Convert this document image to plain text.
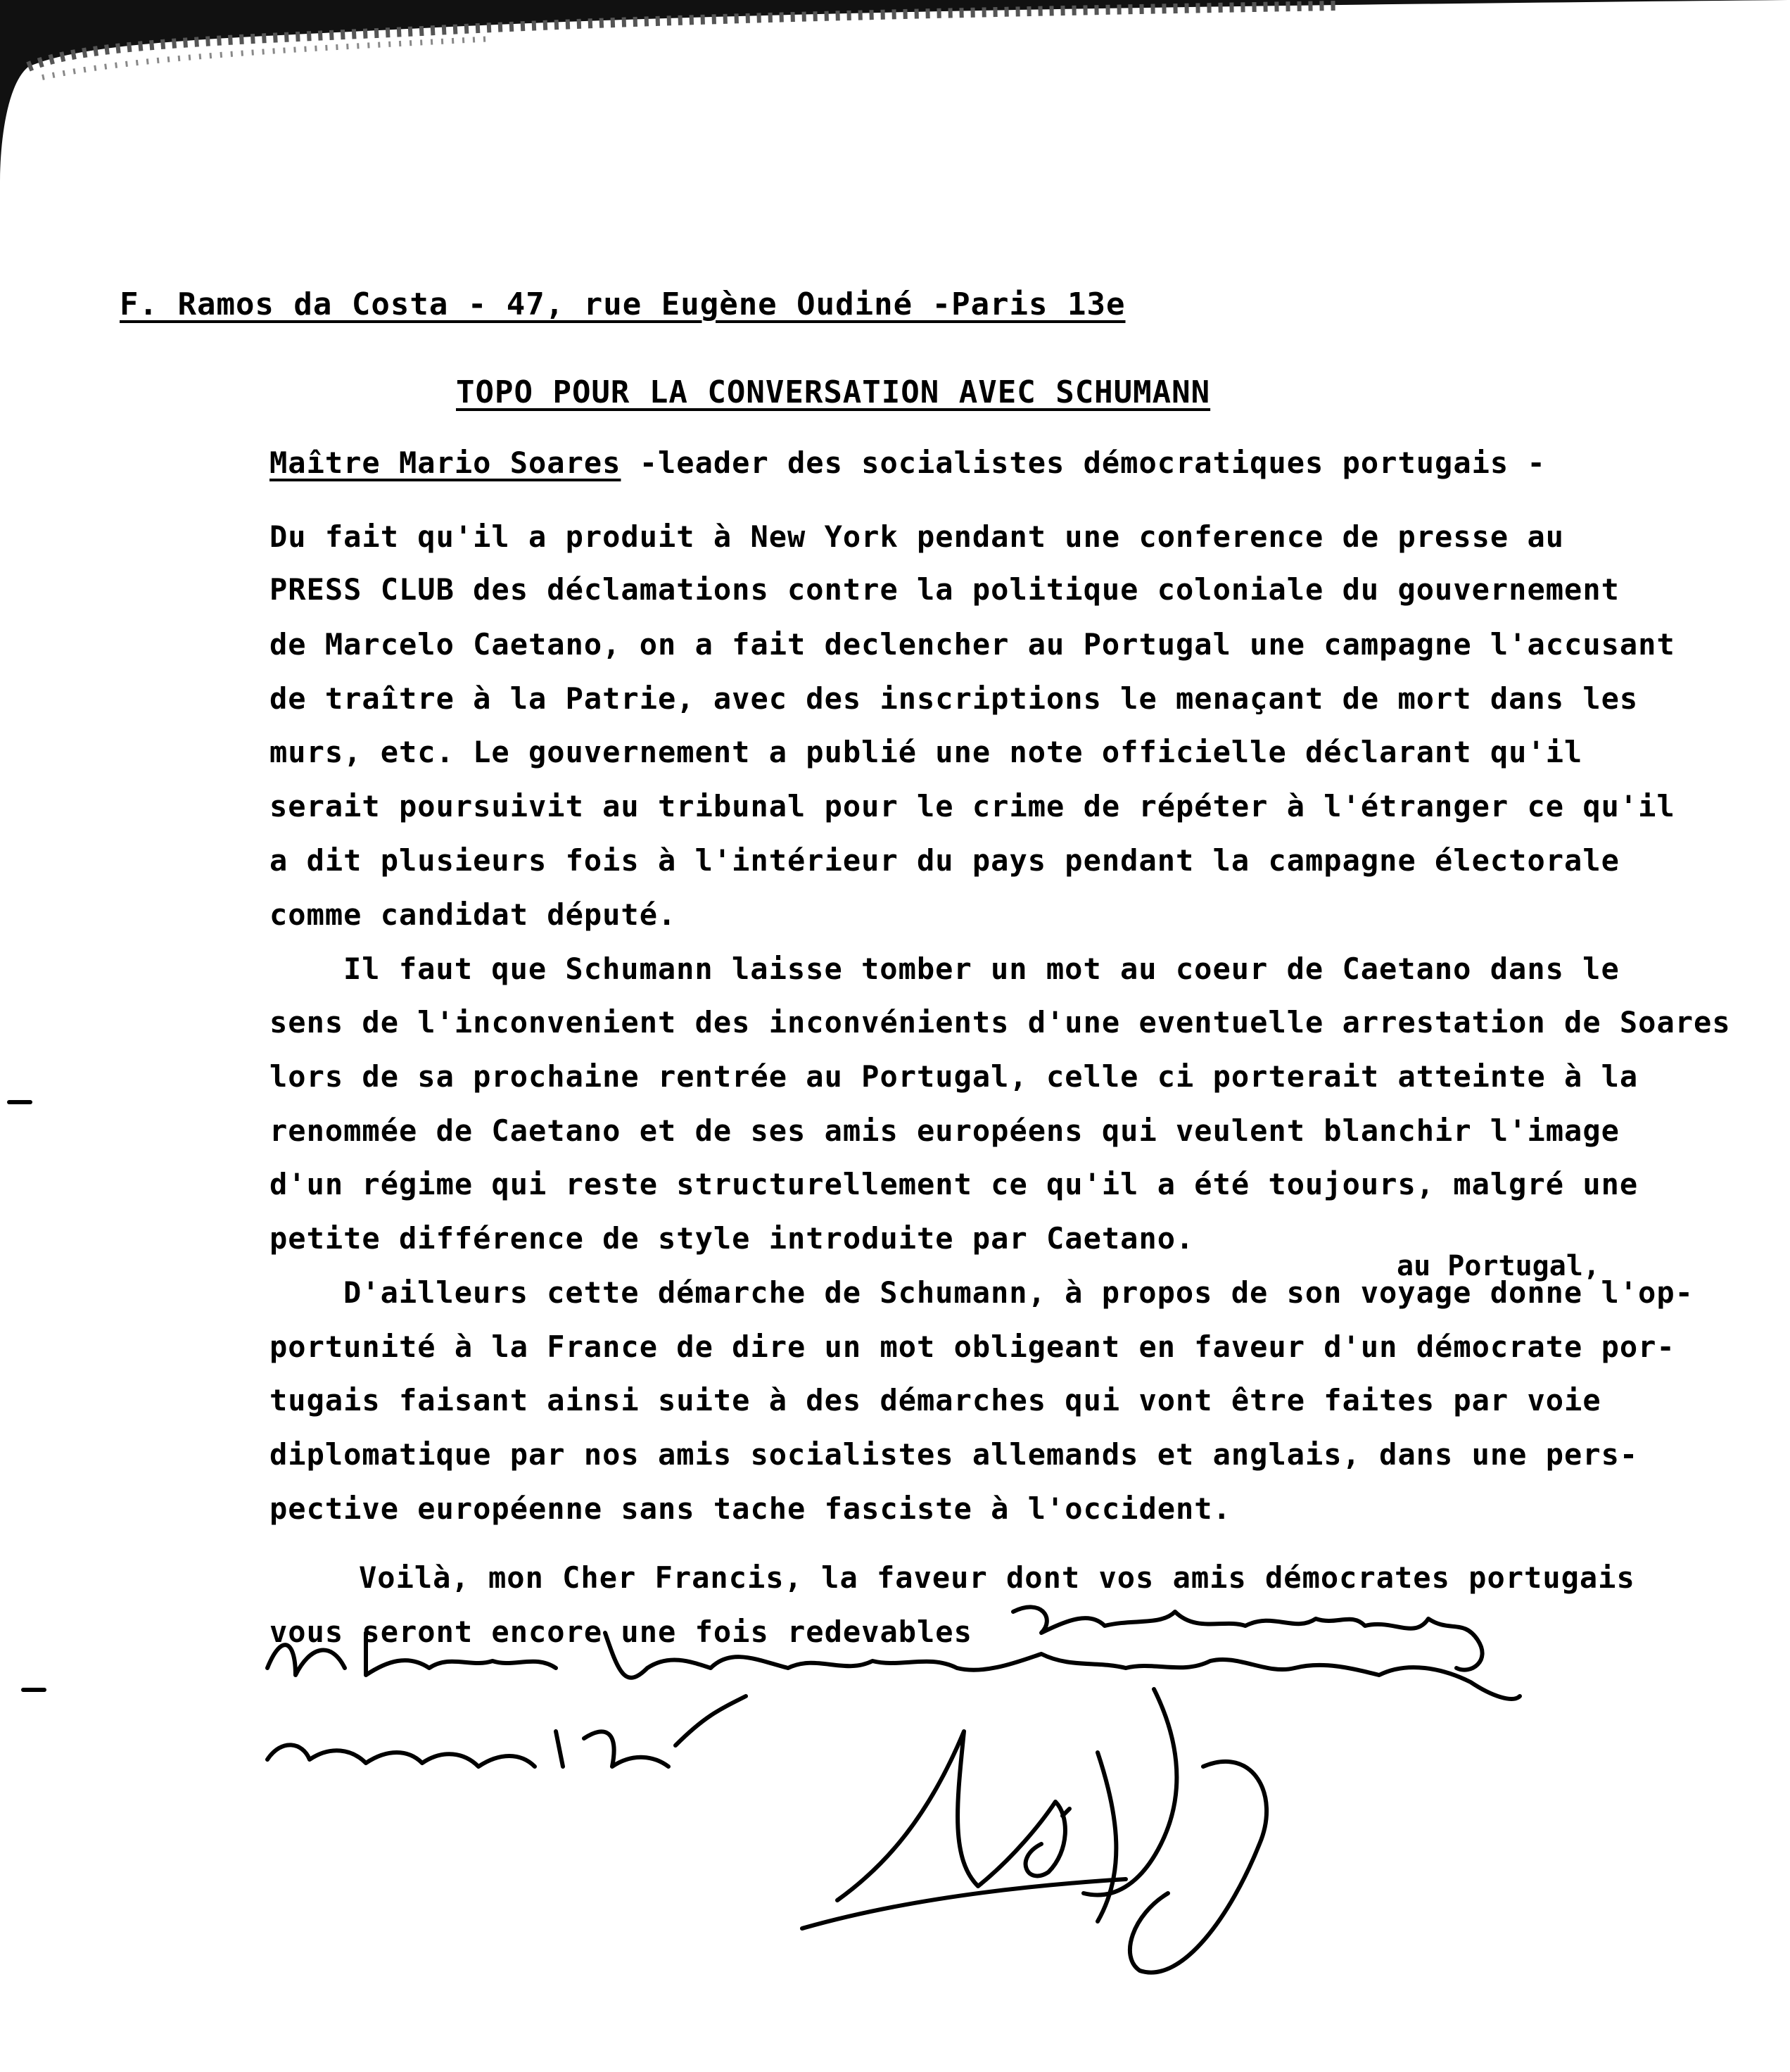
F. Ramos da Costa - 47, rue Eugène Oudiné -Paris 13e
TOPO POUR LA CONVERSATION AVEC SCHUMANN
Maître Mario Soares -leader des socialistes démocratiques portugais -
Du fait qu'il a produit à New York pendant une conference de presse au
PRESS CLUB des déclamations contre la politique coloniale du gouvernement
de Marcelo Caetano, on a fait declencher au Portugal une campagne l'accusant
de traître à la Patrie, avec des inscriptions le menaçant de mort dans les
murs, etc. Le gouvernement a publié une note officielle déclarant qu'il
serait poursuivit au tribunal pour le crime de répéter à l'étranger ce qu'il
a dit plusieurs fois à l'intérieur du pays pendant la campagne électorale
comme candidat député.
Il faut que Schumann laisse tomber un mot au coeur de Caetano dans le
sens de l'inconvenient des inconvénients d'une eventuelle arrestation de Soares
lors de sa prochaine rentrée au Portugal, celle ci porterait atteinte à la
renommée de Caetano et de ses amis européens qui veulent blanchir l'image
d'un régime qui reste structurellement ce qu'il a été toujours, malgré une
petite différence de style introduite par Caetano.
au Portugal,
D'ailleurs cette démarche de Schumann, à propos de son voyage donne l'op-
portunité à la France de dire un mot obligeant en faveur d'un démocrate por-
tugais faisant ainsi suite à des démarches qui vont être faites par voie
diplomatique par nos amis socialistes allemands et anglais, dans une pers-
pective européenne sans tache fasciste à l'occident.
Voilà, mon Cher Francis, la faveur dont vos amis démocrates portugais
vous seront encore une fois redevables
